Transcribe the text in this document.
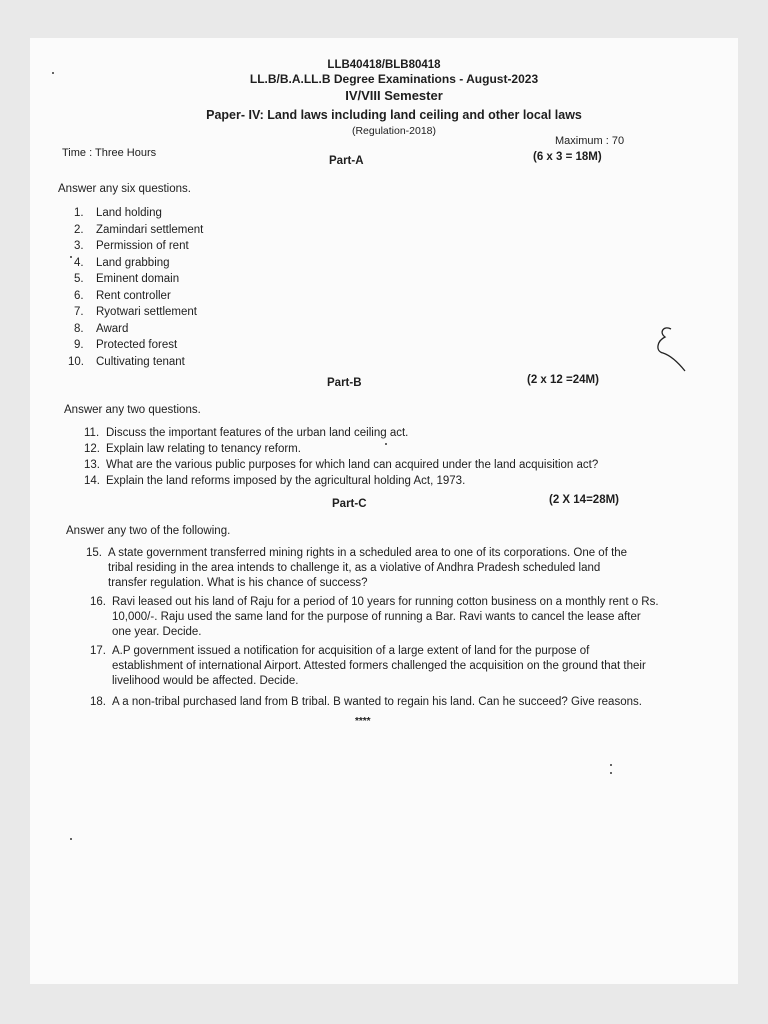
LLB40418/BLB80418
LL.B/B.A.LL.B Degree Examinations - August-2023
IV/VIII Semester
Paper- IV: Land laws including land ceiling and other local laws
(Regulation-2018)
Time : Three Hours
Maximum : 70
Part-A	(6 x 3 = 18M)
Answer any six questions.
1. Land holding
2. Zamindari settlement
3. Permission of rent
4. Land grabbing
5. Eminent domain
6. Rent controller
7. Ryotwari settlement
8. Award
9. Protected forest
10. Cultivating tenant
Part-B	(2 x 12 =24M)
Answer any two questions.
11. Discuss the important features of the urban land ceiling act.
12. Explain law relating to tenancy reform.
13. What are the various public purposes for which land can acquired under the land acquisition act?
14. Explain the land reforms imposed by the agricultural holding Act, 1973.
Part-C	(2 X 14=28M)
Answer any two of the following.
15. A state government transferred mining rights in a scheduled area to one of its corporations. One of the tribal residing in the area intends to challenge it, as a violative of Andhra Pradesh scheduled land transfer regulation. What is his chance of success?
16. Ravi leased out his land of Raju for a period of 10 years for running cotton business on a monthly rent o Rs. 10,000/-. Raju used the same land for the purpose of running a Bar. Ravi wants to cancel the lease after one year. Decide.
17. A.P government issued a notification for acquisition of a large extent of land for the purpose of establishment of international Airport. Attested formers challenged the acquisition on the ground that their livelihood would be affected. Decide.
18. A a non-tribal purchased land from B tribal. B wanted to regain his land. Can he succeed? Give reasons.
****
